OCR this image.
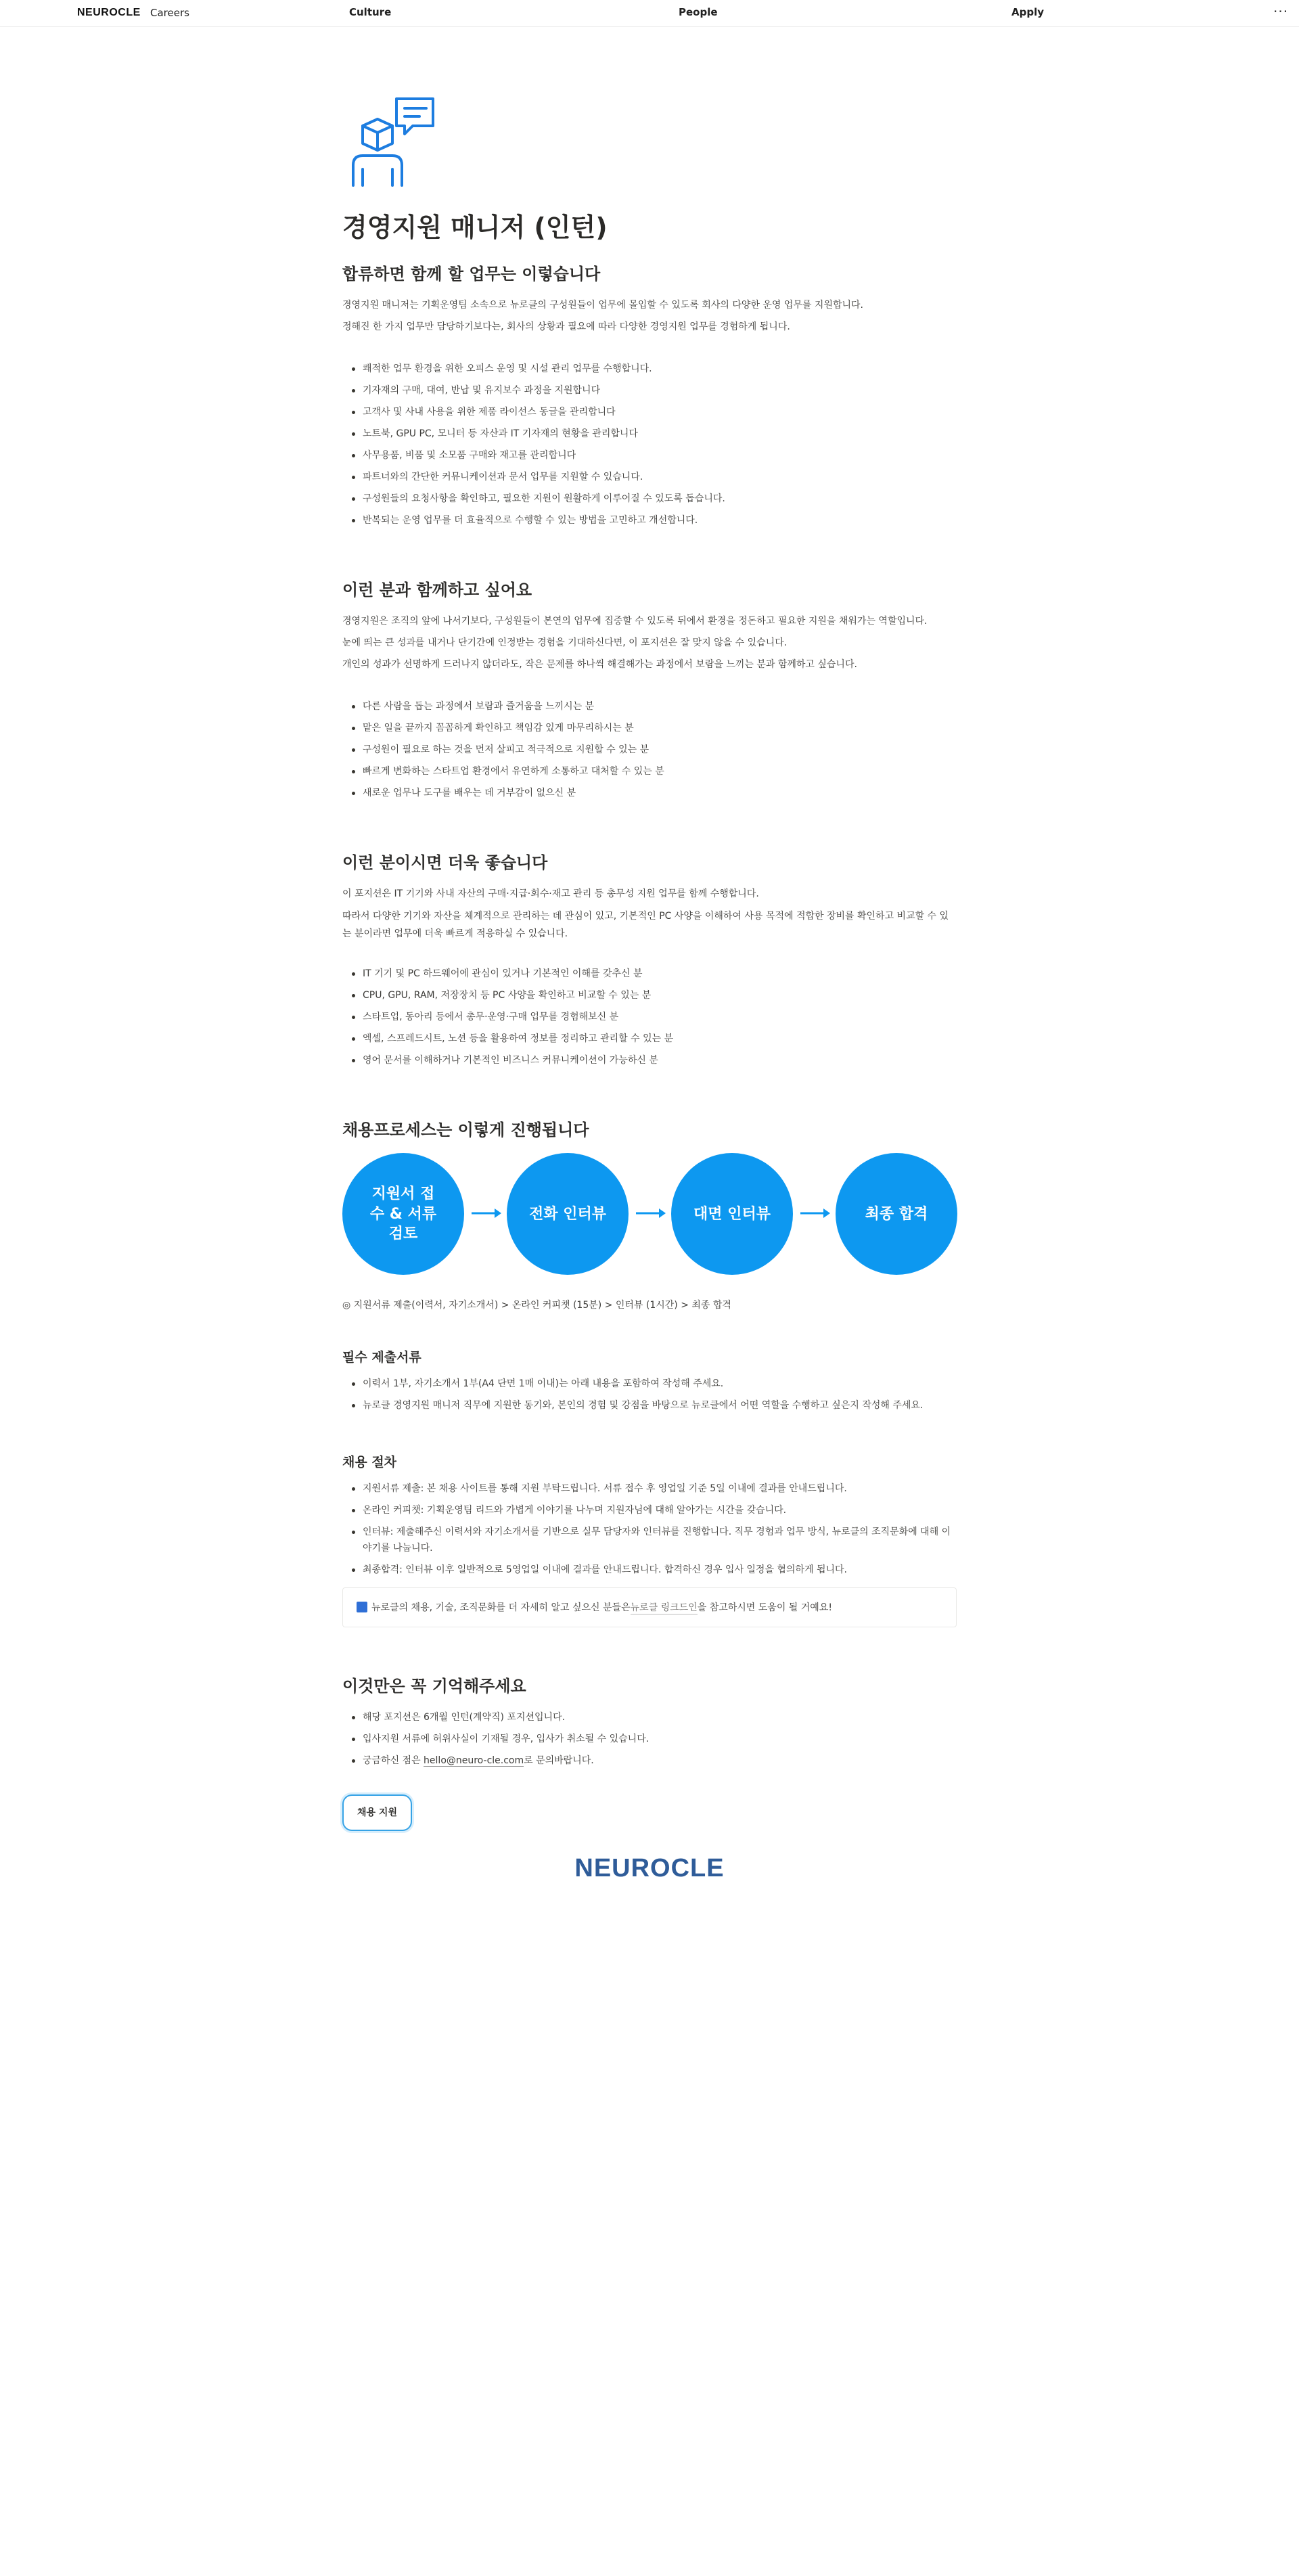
NEUROCLE Careers	Culture	People	Apply	···
경영지원 매니저 (인턴)
합류하면 함께 할 업무는 이렇습니다

경영지원 매니저는 기획운영팀 소속으로 뉴로클의 구성원들이 업무에 몰입할 수 있도록 회사의 다양한 운영 업무를 지원합니다.

정해진 한 가지 업무만 담당하기보다는, 회사의 상황과 필요에 따라 다양한 경영지원 업무를 경험하게 됩니다.

쾌적한 업무 환경을 위한 오피스 운영 및 시설 관리 업무를 수행합니다.
기자재의 구매, 대여, 반납 및 유지보수 과정을 지원합니다
고객사 및 사내 사용을 위한 제품 라이선스 동글을 관리합니다
노트북, GPU PC, 모니터 등 자산과 IT 기자재의 현황을 관리합니다
사무용품, 비품 및 소모품 구매와 재고를 관리합니다
파트너와의 간단한 커뮤니케이션과 문서 업무를 지원할 수 있습니다.
구성원들의 요청사항을 확인하고, 필요한 지원이 원활하게 이루어질 수 있도록 돕습니다.
반복되는 운영 업무를 더 효율적으로 수행할 수 있는 방법을 고민하고 개선합니다.
이런 분과 함께하고 싶어요

경영지원은 조직의 앞에 나서기보다, 구성원들이 본연의 업무에 집중할 수 있도록 뒤에서 환경을 정돈하고 필요한 지원을 채워가는 역할입니다.

눈에 띄는 큰 성과를 내거나 단기간에 인정받는 경험을 기대하신다면, 이 포지션은 잘 맞지 않을 수 있습니다.

개인의 성과가 선명하게 드러나지 않더라도, 작은 문제를 하나씩 해결해가는 과정에서 보람을 느끼는 분과 함께하고 싶습니다.

다른 사람을 돕는 과정에서 보람과 즐거움을 느끼시는 분
맡은 일을 끝까지 꼼꼼하게 확인하고 책임감 있게 마무리하시는 분
구성원이 필요로 하는 것을 먼저 살피고 적극적으로 지원할 수 있는 분
빠르게 변화하는 스타트업 환경에서 유연하게 소통하고 대처할 수 있는 분
새로운 업무나 도구를 배우는 데 거부감이 없으신 분
이런 분이시면 더욱 좋습니다

이 포지션은 IT 기기와 사내 자산의 구매·지급·회수·재고 관리 등 총무성 지원 업무를 함께 수행합니다.

따라서 다양한 기기와 자산을 체계적으로 관리하는 데 관심이 있고, 기본적인 PC 사양을 이해하여 사용 목적에 적합한 장비를 확인하고 비교할 수 있는 분이라면 업무에 더욱 빠르게 적응하실 수 있습니다.

IT 기기 및 PC 하드웨어에 관심이 있거나 기본적인 이해를 갖추신 분
CPU, GPU, RAM, 저장장치 등 PC 사양을 확인하고 비교할 수 있는 분
스타트업, 동아리 등에서 총무·운영·구매 업무를 경험해보신 분
엑셀, 스프레드시트, 노션 등을 활용하여 정보를 정리하고 관리할 수 있는 분
영어 문서를 이해하거나 기본적인 비즈니스 커뮤니케이션이 가능하신 분
채용프로세스는 이렇게 진행됩니다
지원서 접수 & 서류 검토
전화 인터뷰	대면 인터뷰	최종 합격
◎ 지원서류 제출(이력서, 자기소개서) > 온라인 커피챗 (15분) > 인터뷰 (1시간) > 최종 합격
필수 제출서류
이력서 1부, 자기소개서 1부(A4 단면 1매 이내)는 아래 내용을 포함하여 작성해 주세요.
뉴로클 경영지원 매니저 직무에 지원한 동기와, 본인의 경험 및 강점을 바탕으로 뉴로클에서 어떤 역할을 수행하고 싶은지 작성해 주세요.
채용 절차
지원서류 제출: 본 채용 사이트를 통해 지원 부탁드립니다. 서류 접수 후 영업일 기준 5일 이내에 결과를 안내드립니다.
온라인 커피챗: 기획운영팀 리드와 가볍게 이야기를 나누며 지원자님에 대해 알아가는 시간을 갖습니다.
인터뷰: 제출해주신 이력서와 자기소개서를 기반으로 실무 담당자와 인터뷰를 진행합니다. 직무 경험과 업무 방식, 뉴로클의 조직문화에 대해 이야기를 나눕니다.
최종합격: 인터뷰 이후 일반적으로 5영업일 이내에 결과를 안내드립니다. 합격하신 경우 입사 일정을 협의하게 됩니다.
뉴로클의 채용, 기술, 조직문화를 더 자세히 알고 싶으신 분들은 뉴로클 링크드인 을 참고하시면 도움이 될 거예요!
이것만은 꼭 기억해주세요
해당 포지션은 6개월 인턴(계약직) 포지션입니다.
입사지원 서류에 허위사실이 기재될 경우, 입사가 취소될 수 있습니다.
궁금하신 점은 hello@neuro-cle.com로 문의바랍니다.
채용 지원
NEUROCLE
